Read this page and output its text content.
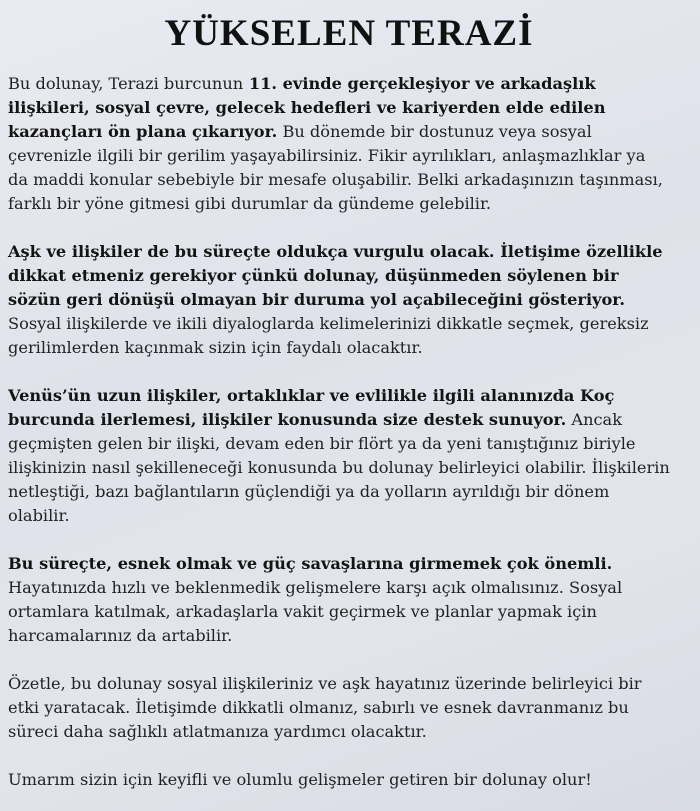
YÜKSELEN TERAZİ

Bu dolunay, Terazi burcunun 11. evinde gerçekleşiyor ve arkadaşlık ilişkileri, sosyal çevre, gelecek hedefleri ve kariyerden elde edilen kazançları ön plana çıkarıyor. Bu dönemde bir dostunuz veya sosyal çevrenizle ilgili bir gerilim yaşayabilirsiniz. Fikir ayrılıkları, anlaşmazlıklar ya da maddi konular sebebiyle bir mesafe oluşabilir. Belki arkadaşınızın taşınması, farklı bir yöne gitmesi gibi durumlar da gündeme gelebilir.

Aşk ve ilişkiler de bu süreçte oldukça vurgulu olacak. İletişime özellikle dikkat etmeniz gerekiyor çünkü dolunay, düşünmeden söylenen bir sözün geri dönüşü olmayan bir duruma yol açabileceğini gösteriyor. Sosyal ilişkilerde ve ikili diyaloglarda kelimelerinizi dikkatle seçmek, gereksiz gerilimlerden kaçınmak sizin için faydalı olacaktır.

Venüs’ün uzun ilişkiler, ortaklıklar ve evlilikle ilgili alanınızda Koç burcunda ilerlemesi, ilişkiler konusunda size destek sunuyor. Ancak geçmişten gelen bir ilişki, devam eden bir flört ya da yeni tanıştığınız biriyle ilişkinizin nasıl şekilleneceği konusunda bu dolunay belirleyici olabilir. İlişkilerin netleştiği, bazı bağlantıların güçlendiği ya da yolların ayrıldığı bir dönem olabilir.

Bu süreçte, esnek olmak ve güç savaşlarına girmemek çok önemli. Hayatınızda hızlı ve beklenmedik gelişmelere karşı açık olmalısınız. Sosyal ortamlara katılmak, arkadaşlarla vakit geçirmek ve planlar yapmak için harcamalarınız da artabilir.

Özetle, bu dolunay sosyal ilişkileriniz ve aşk hayatınız üzerinde belirleyici bir etki yaratacak. İletişimde dikkatli olmanız, sabırlı ve esnek davranmanız bu süreci daha sağlıklı atlatmanıza yardımcı olacaktır.

Umarım sizin için keyifli ve olumlu gelişmeler getiren bir dolunay olur!
